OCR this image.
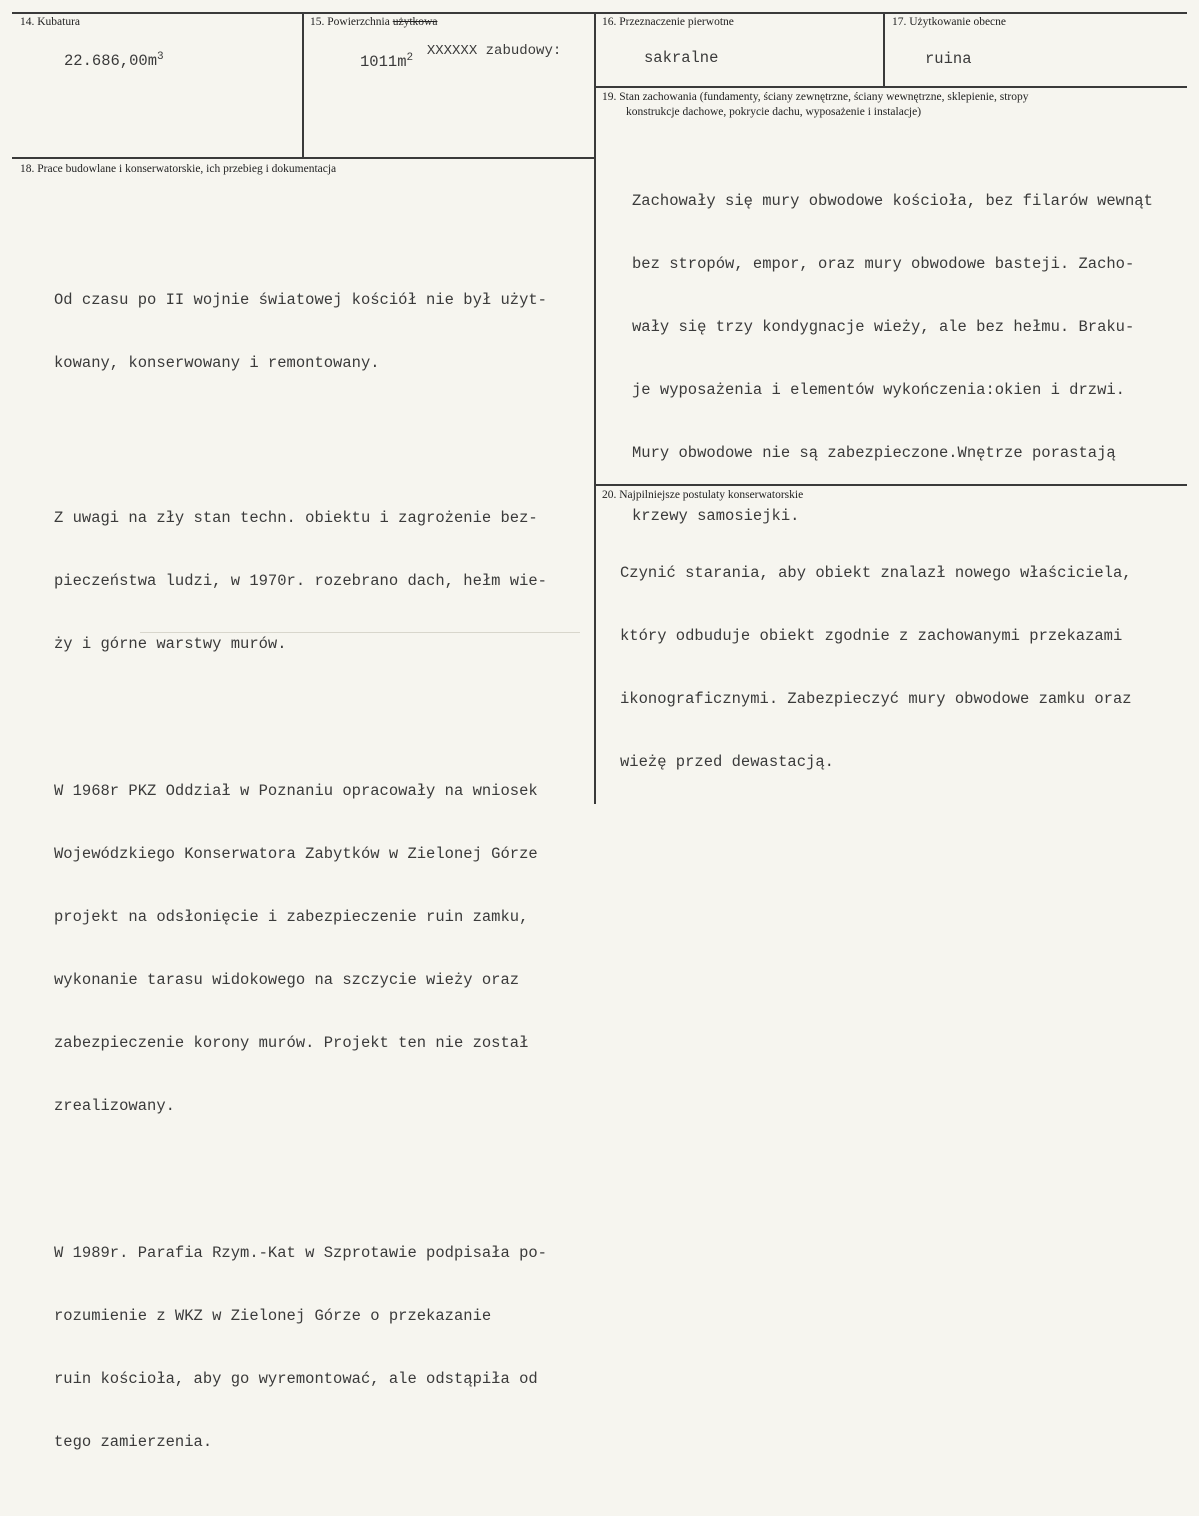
14. Kubatura
$22.686,00m^3$
15. Powierzchnia użytkowa

XXXXXX zabudowy:

$1011m^2$
16. Przeznaczenie pierwotne
sakralne
17. Użytkowanie obecne
ruina
19. Stan zachowania (fundamenty, ściany zewnętrzne, ściany wewnętrzne, sklepienie, stropy
konstrukcje dachowe, pokrycie dachu, wyposażenie i instalacje)

Zachowały się mury obwodowe kościoła, bez filarów wewnąt

bez stropów, empor, oraz mury obwodowe basteji. Zacho-

wały się trzy kondygnacje wieży, ale bez hełmu. Braku-

je wyposażenia i elementów wykończenia:okien i drzwi.

Mury obwodowe nie są zabezpieczone.Wnętrze porastają

krzewy samosiejki.

18. Prace budowlane i konserwatorskie, ich przebieg i dokumentacja

Od czasu po II wojnie światowej kościół nie był użyt-

kowany, konserwowany i remontowany.

Z uwagi na zły stan techn. obiektu i zagrożenie bez-

pieczeństwa ludzi, w 1970r. rozebrano dach, hełm wie-

ży i górne warstwy murów.

W 1968r PKZ Oddział w Poznaniu opracowały na wniosek

Wojewódzkiego Konserwatora Zabytków w Zielonej Górze

projekt na odsłonięcie i zabezpieczenie ruin zamku,

wykonanie tarasu widokowego na szczycie wieży oraz

zabezpieczenie korony murów. Projekt ten nie został

zrealizowany.

W 1989r. Parafia Rzym.-Kat w Szprotawie podpisała po-

rozumienie z WKZ w Zielonej Górze o przekazanie

ruin kościoła, aby go wyremontować, ale odstąpiła od

tego zamierzenia.

20. Najpilniejsze postulaty konserwatorskie

Czynić starania, aby obiekt znalazł nowego właściciela,

który odbuduje obiekt zgodnie z zachowanymi przekazami

ikonograficznymi. Zabezpieczyć mury obwodowe zamku oraz

wieżę przed dewastacją.
